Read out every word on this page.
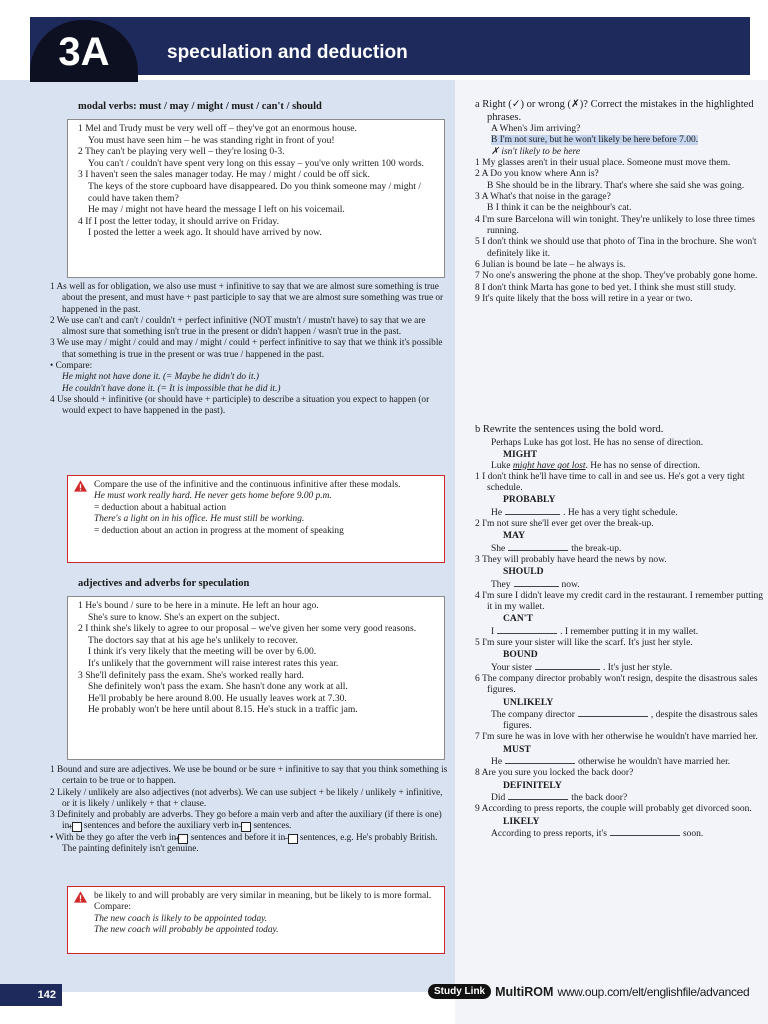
3A	speculation and deduction
modal verbs: must / may / might / must / can't / should

1 Mel and Trudy must be very well off – they've got an enormous house.

You must have seen him – he was standing right in front of you!

2 They can't be playing very well – they're losing 0-3.

You can't / couldn't have spent very long on this essay – you've only written 100 words.

3 I haven't seen the sales manager today. He may / might / could be off sick.

The keys of the store cupboard have disappeared. Do you think someone may / might / could have taken them?

He may / might not have heard the message I left on his voicemail.

4 If I post the letter today, it should arrive on Friday.

I posted the letter a week ago. It should have arrived by now.

1 As well as for obligation, we also use must + infinitive to say that we are almost sure something is true about the present, and must have + past participle to say that we are almost sure something was true or happened in the past.

2 We use can't and can't / couldn't + perfect infinitive (NOT mustn't / mustn't have) to say that we are almost sure that something isn't true in the present or didn't happen / wasn't true in the past.

3 We use may / might / could and may / might / could + perfect infinitive to say that we think it's possible that something is true in the present or was true / happened in the past.

• Compare:

He might not have done it. (= Maybe he didn't do it.)

He couldn't have done it. (= It is impossible that he did it.)

4 Use should + infinitive (or should have + participle) to describe a situation you expect to happen (or would expect to have happened in the past).

Compare the use of the infinitive and the continuous infinitive after these modals.
He must work really hard. He never gets home before 9.00 p.m.
= deduction about a habitual action
There's a light on in his office. He must still be working.
= deduction about an action in progress at the moment of speaking
adjectives and adverbs for speculation

1 He's bound / sure to be here in a minute. He left an hour ago.

She's sure to know. She's an expert on the subject.

2 I think she's likely to agree to our proposal – we've given her some very good reasons.

The doctors say that at his age he's unlikely to recover.

I think it's very likely that the meeting will be over by 6.00.

It's unlikely that the government will raise interest rates this year.

3 She'll definitely pass the exam. She's worked really hard.

She definitely won't pass the exam. She hasn't done any work at all.

He'll probably be here around 8.00. He usually leaves work at 7.30.

He probably won't be here until about 8.15. He's stuck in a traffic jam.

1 Bound and sure are adjectives. We use be bound or be sure + infinitive to say that you think something is certain to be true or to happen.

2 Likely / unlikely are also adjectives (not adverbs). We can use subject + be likely / unlikely + infinitive, or it is likely / unlikely + that + clause.

3 Definitely and probably are adverbs. They go before a main verb and after the auxiliary (if there is one) in + sentences and before the auxiliary verb in − sentences.

• With be they go after the verb in + sentences and before it in − sentences, e.g. He's probably British. The painting definitely isn't genuine.

be likely to and will probably are very similar in meaning, but be likely to is more formal. Compare:
The new coach is likely to be appointed today.
The new coach will probably be appointed today.

a Right (✓) or wrong (✗)? Correct the mistakes in the highlighted phrases.

A When's Jim arriving?

B I'm not sure, but he won't likely be here before 7.00.

✗ isn't likely to be here

1 My glasses aren't in their usual place. Someone must move them.

2 A Do you know where Ann is?

B She should be in the library. That's where she said she was going.

3 A What's that noise in the garage?

B I think it can be the neighbour's cat.

4 I'm sure Barcelona will win tonight. They're unlikely to lose three times running.

5 I don't think we should use that photo of Tina in the brochure. She won't definitely like it.

6 Julian is bound be late – he always is.

7 No one's answering the phone at the shop. They've probably gone home.

8 I don't think Marta has gone to bed yet. I think she must still study.

9 It's quite likely that the boss will retire in a year or two.

b Rewrite the sentences using the bold word.

Perhaps Luke has got lost. He has no sense of direction.

MIGHT

Luke might have got lost. He has no sense of direction.

1 I don't think he'll have time to call in and see us. He's got a very tight schedule.

PROBABLY

He	. He has a very tight schedule.

2 I'm not sure she'll ever get over the break-up.

MAY

She	the break-up.

3 They will probably have heard the news by now.

SHOULD

They	now.

4 I'm sure I didn't leave my credit card in the restaurant. I remember putting it in my wallet.

CAN'T

I	. I remember putting it in my wallet.

5 I'm sure your sister will like the scarf. It's just her style.

BOUND

Your sister	. It's just her style.

6 The company director probably won't resign, despite the disastrous sales figures.

UNLIKELY

The company director	, despite the disastrous sales figures.

7 I'm sure he was in love with her otherwise he wouldn't have married her.

MUST

He	otherwise he wouldn't have married her.

8 Are you sure you locked the back door?

DEFINITELY

Did	the back door?

9 According to press reports, the couple will probably get divorced soon.

LIKELY

According to press reports, it's	soon.

142	Study Link MultiROM www.oup.com/elt/englishfile/advanced
